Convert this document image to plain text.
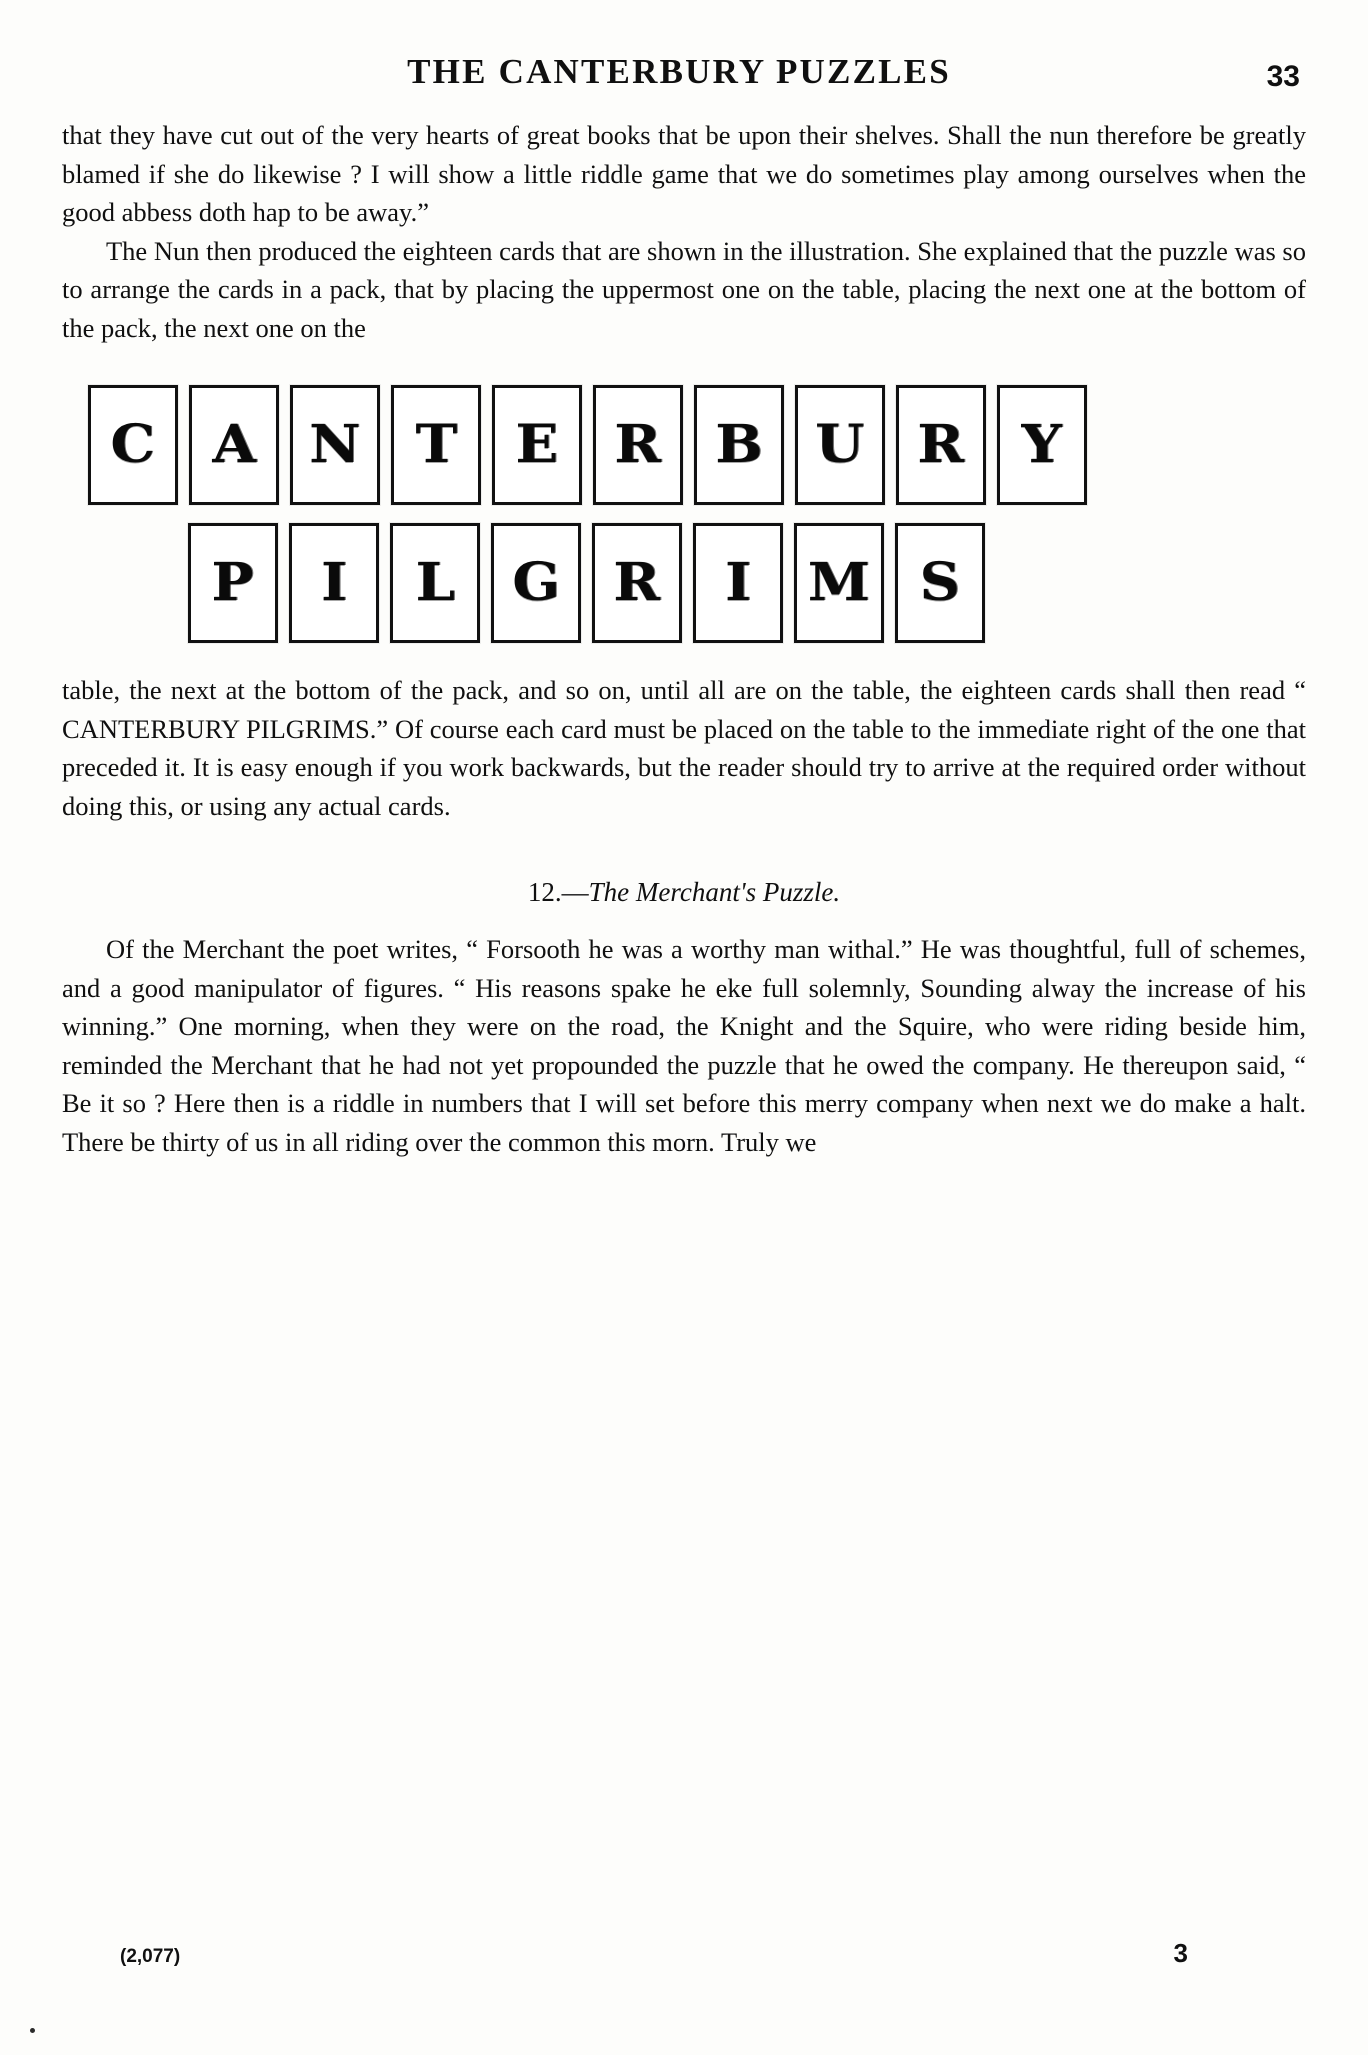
THE CANTERBURY PUZZLES	33

that they have cut out of the very hearts of great books that be upon their shelves. Shall the nun therefore be greatly blamed if she do likewise ? I will show a little riddle game that we do sometimes play among ourselves when the good abbess doth hap to be away.”

The Nun then produced the eighteen cards that are shown in the illustration. She explained that the puzzle was so to arrange the cards in a pack, that by placing the uppermost one on the table, placing the next one at the bottom of the pack, the next one on the

C A N T E R B U R Y
P I L G R I M S

table, the next at the bottom of the pack, and so on, until all are on the table, the eighteen cards shall then read “ CANTERBURY PILGRIMS.” Of course each card must be placed on the table to the immediate right of the one that preceded it. It is easy enough if you work backwards, but the reader should try to arrive at the required order without doing this, or using any actual cards.

12.—The Merchant's Puzzle.

Of the Merchant the poet writes, “ Forsooth he was a worthy man withal.” He was thoughtful, full of schemes, and a good manipulator of figures. “ His reasons spake he eke full solemnly, Sounding alway the increase of his winning.” One morning, when they were on the road, the Knight and the Squire, who were riding beside him, reminded the Merchant that he had not yet propounded the puzzle that he owed the company. He thereupon said, “ Be it so ? Here then is a riddle in numbers that I will set before this merry company when next we do make a halt. There be thirty of us in all riding over the common this morn. Truly we

(2,077)	3
